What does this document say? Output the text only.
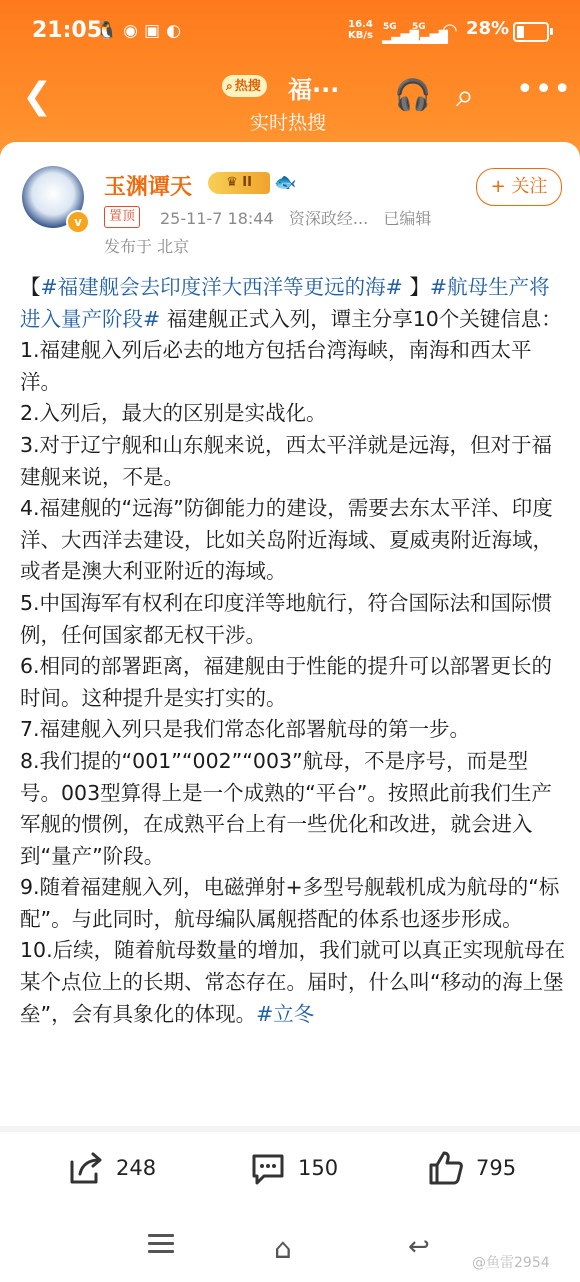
21:05
🐧◉▣◐	16.4
KB/s
5G
▂▄▆█
5G
▂▄▆█
◠ 28%
❮	⌕ 热搜 福···
实时热搜
🎧 ⌕ •••
v
玉渊谭天	♛ II	🐟	+ 关注
置顶	25-11-7 18:44   资深政经...   已编辑
发布于 北京

【#福建舰会去印度洋大西洋等更远的海# 】#航母生产将进入量产阶段# 福建舰正式入列，谭主分享10个关键信息：

1.福建舰入列后必去的地方包括台湾海峡，南海和西太平洋。

2.入列后，最大的区别是实战化。

3.对于辽宁舰和山东舰来说，西太平洋就是远海，但对于福建舰来说，不是。

4.福建舰的“远海”防御能力的建设，需要去东太平洋、印度洋、大西洋去建设，比如关岛附近海域、夏威夷附近海域，或者是澳大利亚附近的海域。

5.中国海军有权利在印度洋等地航行，符合国际法和国际惯例，任何国家都无权干涉。

6.相同的部署距离，福建舰由于性能的提升可以部署更长的时间。这种提升是实打实的。

7.福建舰入列只是我们常态化部署航母的第一步。

8.我们提的“001”“002”“003”航母，不是序号，而是型号。003型算得上是一个成熟的“平台”。按照此前我们生产军舰的惯例，在成熟平台上有一些优化和改进，就会进入到“量产”阶段。

9.随着福建舰入列，电磁弹射+多型号舰载机成为航母的“标配”。与此同时，航母编队属舰搭配的体系也逐步形成。

10.后续，随着航母数量的增加，我们就可以真正实现航母在某个点位上的长期、常态存在。届时，什么叫“移动的海上堡垒”，会有具象化的体现。#立冬

248	150	795
⌂	↩
@鱼雷2954
